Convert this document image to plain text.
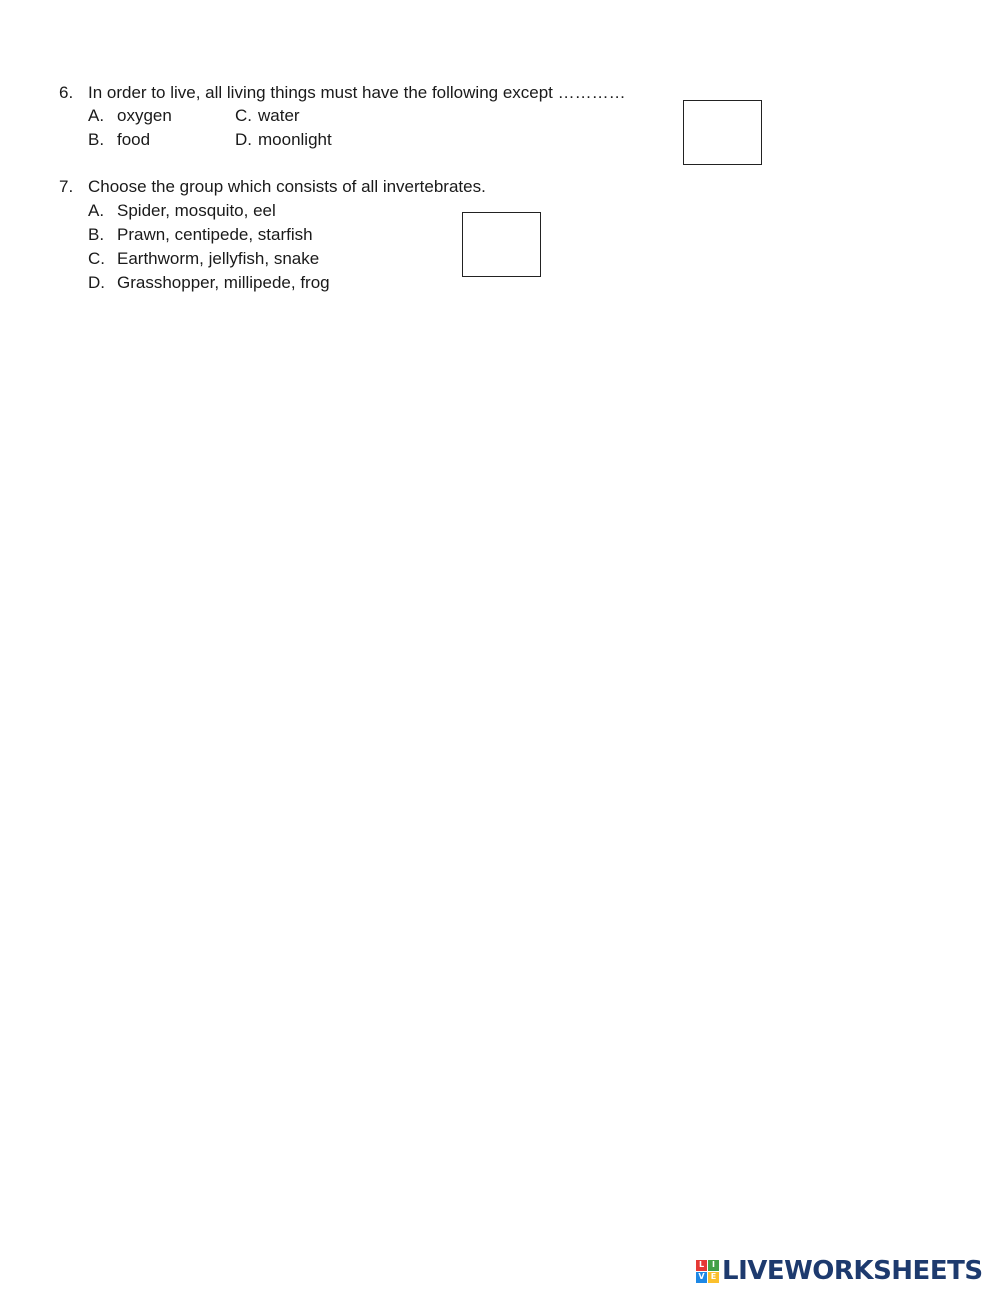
6. In order to live, all living things must have the following except …………
A. oxygen	C. water
B. food	D. moonlight
7. Choose the group which consists of all invertebrates.
A. Spider, mosquito, eel
B. Prawn, centipede, starfish
C. Earthworm, jellyfish, snake
D. Grasshopper, millipede, frog
L I
V E LIVEWORKSHEETS
